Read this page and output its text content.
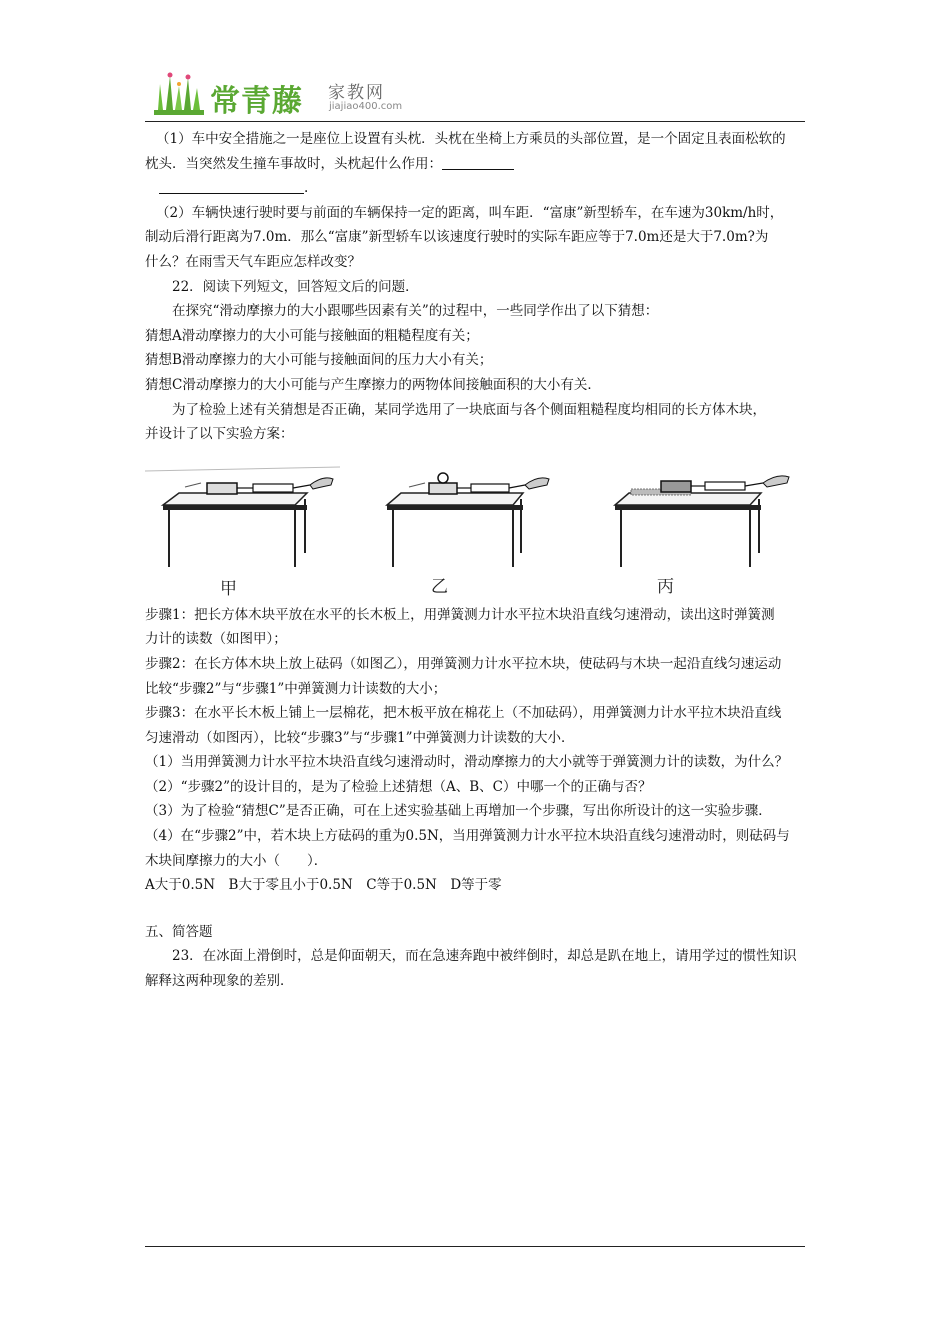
常青藤 家教网
jiajiao400.com

（1）车中安全措施之一是座位上设置有头枕．头枕在坐椅上方乘员的头部位置，是一个固定且表面松软的

枕头．当突然发生撞车事故时，头枕起什么作用：

.

（2）车辆快速行驶时要与前面的车辆保持一定的距离，叫车距．“富康”新型轿车，在车速为30km/h时，

制动后滑行距离为7.0m．那么“富康”新型轿车以该速度行驶时的实际车距应等于7.0m还是大于7.0m?为

什么？在雨雪天气车距应怎样改变？

22．阅读下列短文，回答短文后的问题．

在探究“滑动摩擦力的大小跟哪些因素有关”的过程中，一些同学作出了以下猜想：

猜想A滑动摩擦力的大小可能与接触面的粗糙程度有关；

猜想B滑动摩擦力的大小可能与接触面间的压力大小有关；

猜想C滑动摩擦力的大小可能与产生摩擦力的两物体间接触面积的大小有关．

为了检验上述有关猜想是否正确，某同学选用了一块底面与各个侧面粗糙程度均相同的长方体木块，

并设计了以下实验方案：

甲	乙	丙

步骤1：把长方体木块平放在水平的长木板上，用弹簧测力计水平拉木块沿直线匀速滑动，读出这时弹簧测

力计的读数（如图甲）；

步骤2：在长方体木块上放上砝码（如图乙），用弹簧测力计水平拉木块，使砝码与木块一起沿直线匀速运动

比较“步骤2”与“步骤1”中弹簧测力计读数的大小；

步骤3：在水平长木板上铺上一层棉花，把木板平放在棉花上（不加砝码），用弹簧测力计水平拉木块沿直线

匀速滑动（如图丙），比较“步骤3”与“步骤1”中弹簧测力计读数的大小．

（1）当用弹簧测力计水平拉木块沿直线匀速滑动时，滑动摩擦力的大小就等于弹簧测力计的读数，为什么？

（2）“步骤2”的设计目的，是为了检验上述猜想（A、B、C）中哪一个的正确与否？

（3）为了检验“猜想C”是否正确，可在上述实验基础上再增加一个步骤，写出你所设计的这一实验步骤．

（4）在“步骤2”中，若木块上方砝码的重为0.5N，当用弹簧测力计水平拉木块沿直线匀速滑动时，则砝码与

木块间摩擦力的大小（　　）．

A大于0.5N　B大于零且小于0.5N　C等于0.5N　D等于零

五、简答题

23．在冰面上滑倒时，总是仰面朝天，而在急速奔跑中被绊倒时，却总是趴在地上，请用学过的惯性知识

解释这两种现象的差别．
